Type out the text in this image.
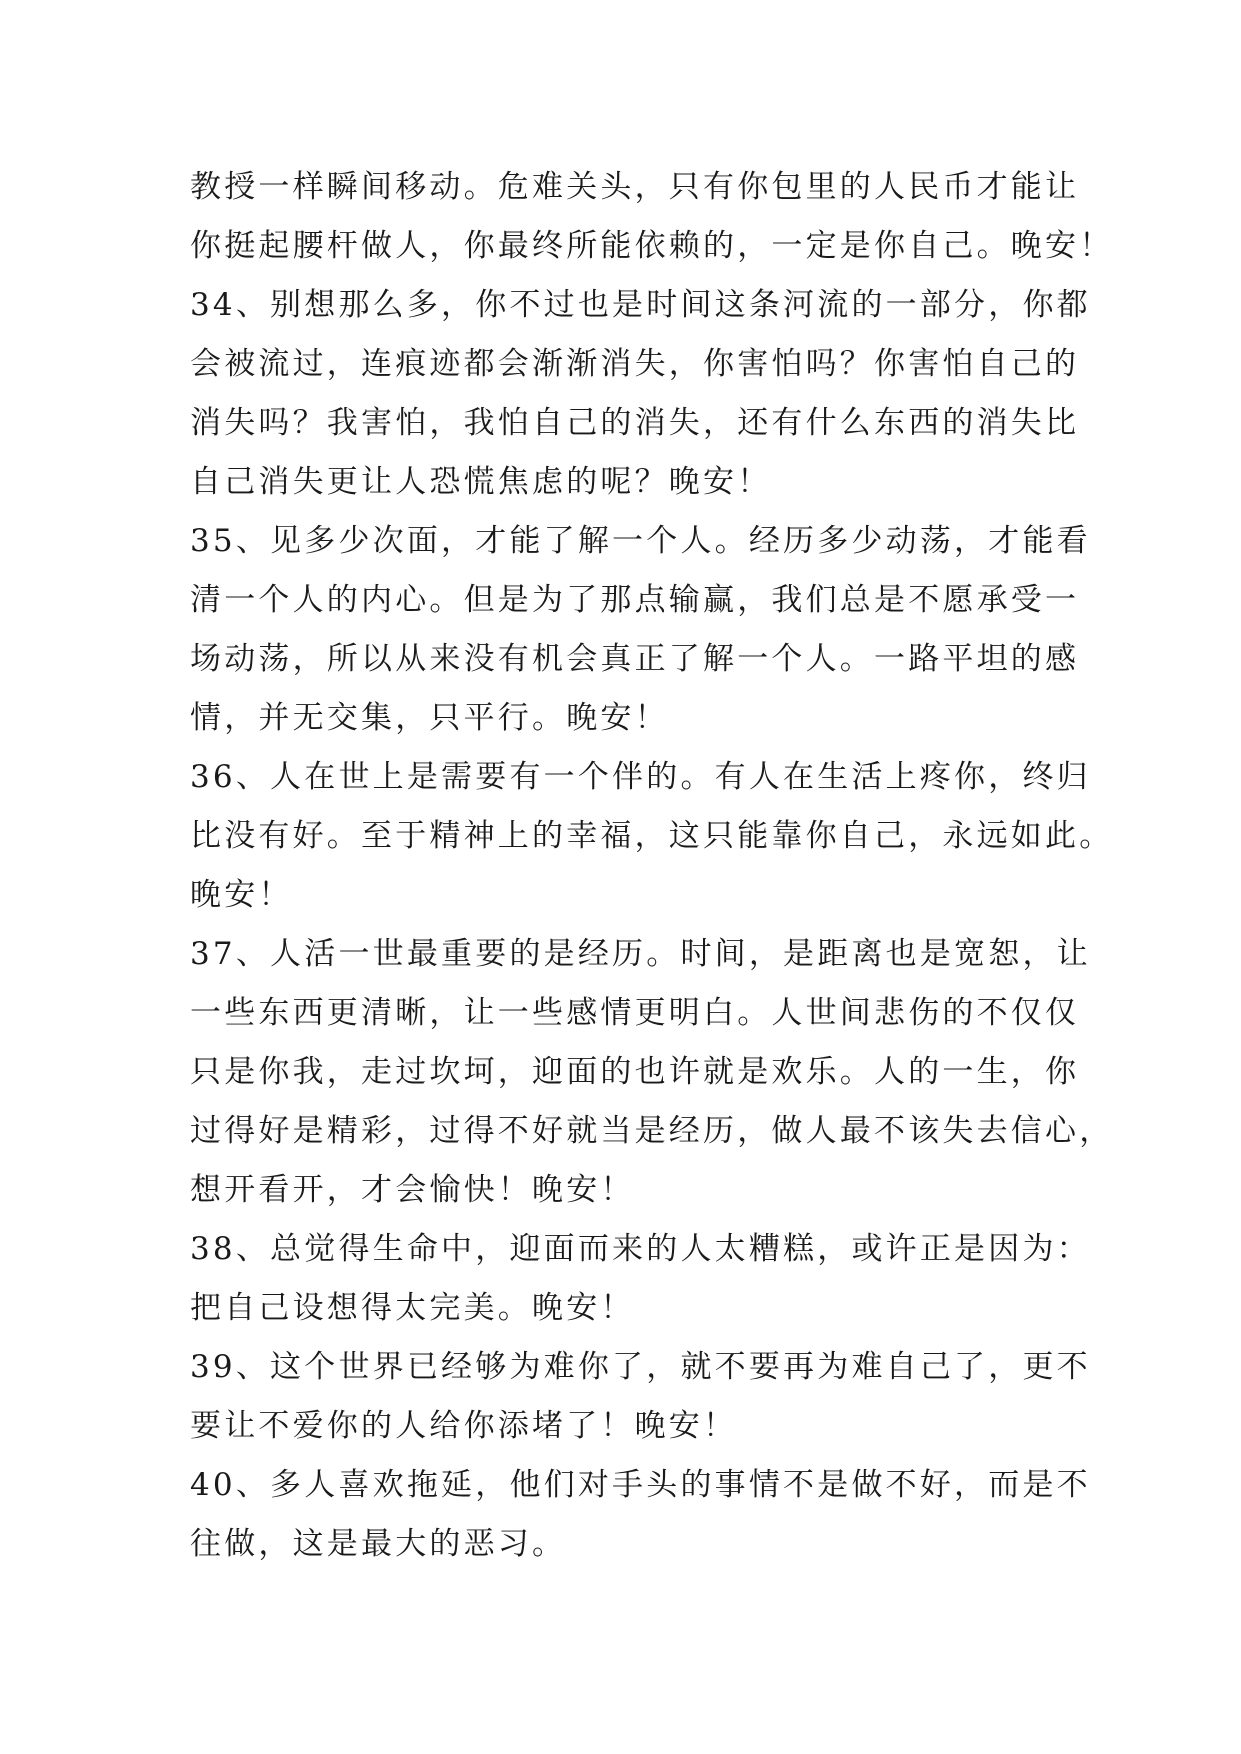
教授一样瞬间移动。危难关头，只有你包里的人民币才能让
你挺起腰杆做人，你最终所能依赖的，一定是你自己。晚安！
34、别想那么多，你不过也是时间这条河流的一部分，你都
会被流过，连痕迹都会渐渐消失，你害怕吗？你害怕自己的
消失吗？我害怕，我怕自己的消失，还有什么东西的消失比
自己消失更让人恐慌焦虑的呢？晚安！
35、见多少次面，才能了解一个人。经历多少动荡，才能看
清一个人的内心。但是为了那点输赢，我们总是不愿承受一
场动荡，所以从来没有机会真正了解一个人。一路平坦的感
情，并无交集，只平行。晚安！
36、人在世上是需要有一个伴的。有人在生活上疼你，终归
比没有好。至于精神上的幸福，这只能靠你自己，永远如此。
晚安！
37、人活一世最重要的是经历。时间，是距离也是宽恕，让
一些东西更清晰，让一些感情更明白。人世间悲伤的不仅仅
只是你我，走过坎坷，迎面的也许就是欢乐。人的一生，你
过得好是精彩，过得不好就当是经历，做人最不该失去信心，
想开看开，才会愉快！晚安！
38、总觉得生命中，迎面而来的人太糟糕，或许正是因为：
把自己设想得太完美。晚安！
39、这个世界已经够为难你了，就不要再为难自己了，更不
要让不爱你的人给你添堵了！晚安！
40、多人喜欢拖延，他们对手头的事情不是做不好，而是不
往做，这是最大的恶习。
